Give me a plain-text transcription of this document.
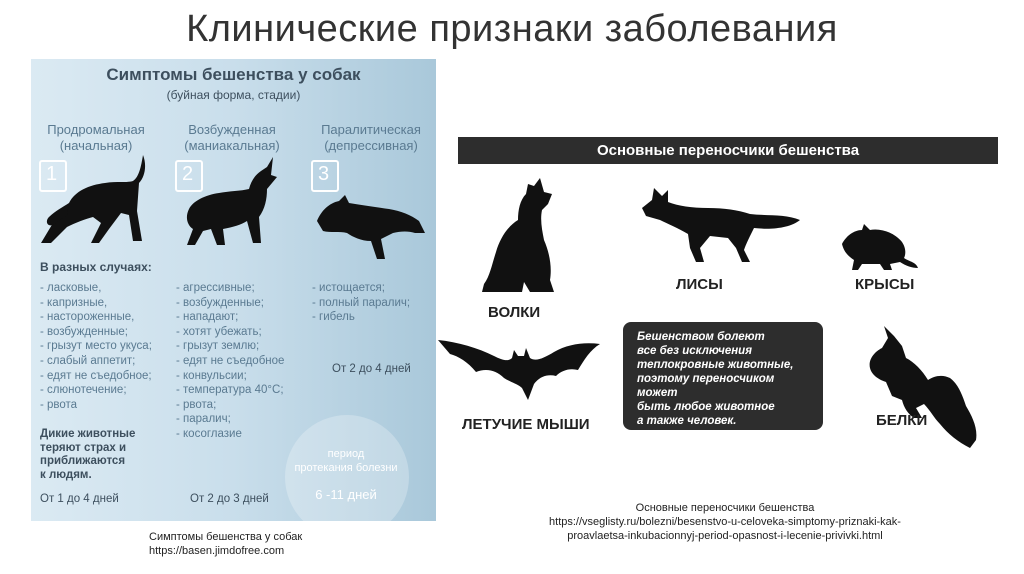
Клинические признаки заболевания
Симптомы бешенства у собак
(буйная форма, стадии)
Продромальная
(начальная)
Возбужденная
(маниакальная)
Паралитическая
(депрессивная)
1	2	3
В разных случаях:
- ласковые,
- капризные,
- настороженные,
- возбужденные;
- грызут место укуса;
- слабый аппетит;
- едят не съедобное;
- слюнотечение;
- рвота
Дикие животные
теряют страх и
приближаются
к людям.
- агрессивные;
- возбужденные;
- нападают;
- хотят убежать;
- грызут землю;
- едят не съедобное
- конвульсии;
- температура 40°С;
- рвота;
- паралич;
- косоглазие
- истощается;
- полный паралич;
- гибель
От 2 до 4 дней
период
протекания болезни
6 -11 дней
От 1 до 4 дней	От 2 до 3 дней
Основные переносчики бешенства
ВОЛКИ
ЛИСЫ	КРЫСЫ
ЛЕТУЧИЕ МЫШИ
Бешенством болеют
все без исключения
теплокровные животные,
поэтому переносчиком может
быть любое животное
а также человек.	БЕЛКИ
Симптомы бешенства у собак
https://basen.jimdofree.com
Основные переносчики бешенства
https://vseglisty.ru/bolezni/besenstvo-u-celoveka-simptomy-priznaki-kak-
proavlaetsa-inkubacionnyj-period-opasnost-i-lecenie-privivki.html
